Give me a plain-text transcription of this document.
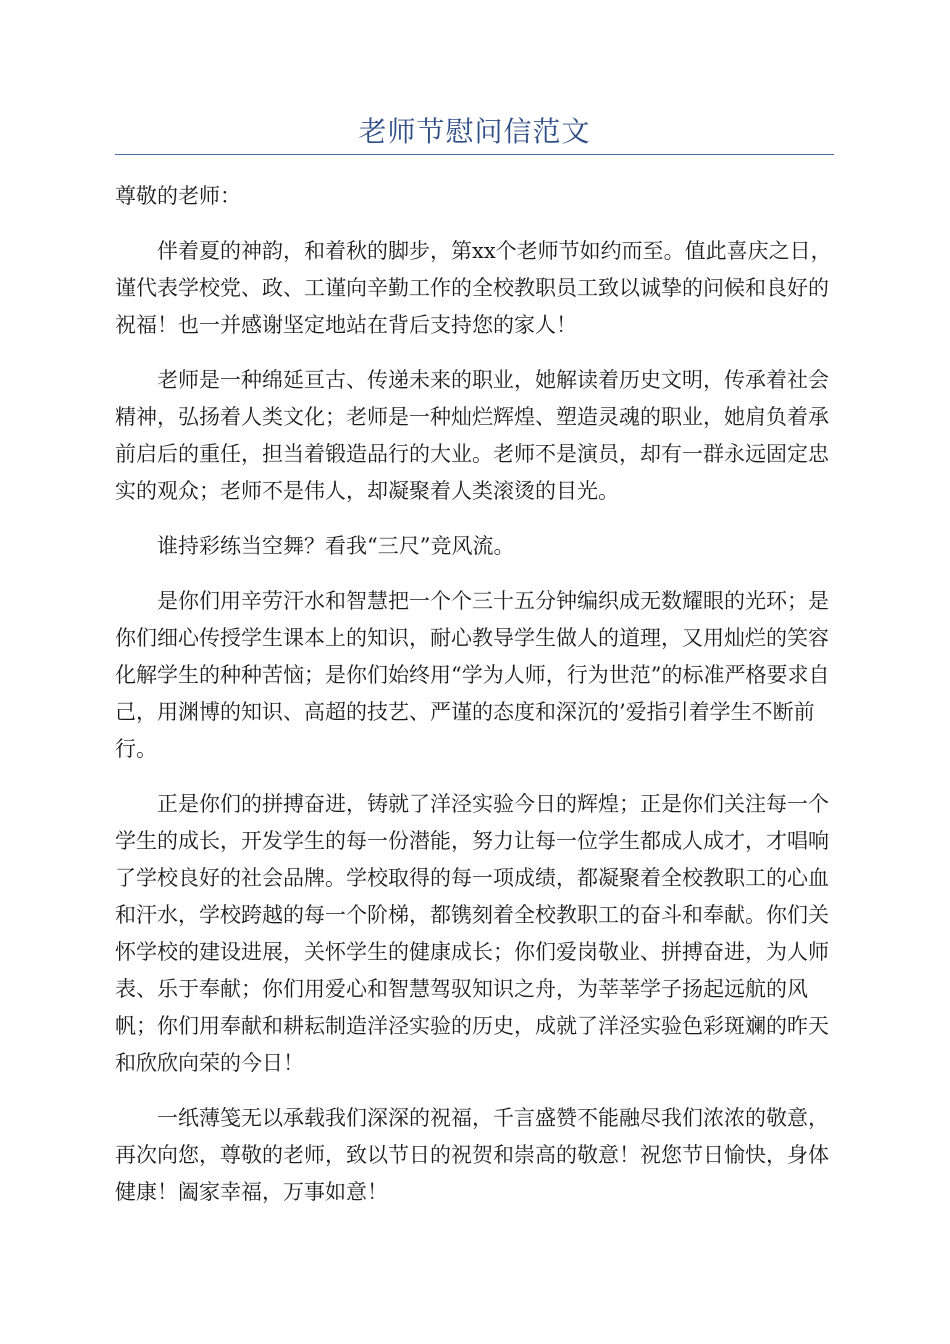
老师节慰问信范文

尊敬的老师：

伴着夏的神韵，和着秋的脚步，第xx个老师节如约而至。值此喜庆之日，谨代表学校党、政、工谨向辛勤工作的全校教职员工致以诚挚的问候和良好的祝福！也一并感谢坚定地站在背后支持您的家人！

老师是一种绵延亘古、传递未来的职业，她解读着历史文明，传承着社会精神，弘扬着人类文化；老师是一种灿烂辉煌、塑造灵魂的职业，她肩负着承前启后的重任，担当着锻造品行的大业。老师不是演员，却有一群永远固定忠实的观众；老师不是伟人，却凝聚着人类滚烫的目光。

谁持彩练当空舞？看我“三尺”竞风流。

是你们用辛劳汗水和智慧把一个个三十五分钟编织成无数耀眼的光环；是你们细心传授学生课本上的知识，耐心教导学生做人的道理，又用灿烂的笑容化解学生的种种苦恼；是你们始终用“学为人师，行为世范”的标准严格要求自己，用渊博的知识、高超的技艺、严谨的态度和深沉的’爱指引着学生不断前行。

正是你们的拼搏奋进，铸就了洋泾实验今日的辉煌；正是你们关注每一个学生的成长，开发学生的每一份潜能，努力让每一位学生都成人成才，才唱响了学校良好的社会品牌。学校取得的每一项成绩，都凝聚着全校教职工的心血和汗水，学校跨越的每一个阶梯，都镌刻着全校教职工的奋斗和奉献。你们关怀学校的建设进展，关怀学生的健康成长；你们爱岗敬业、拼搏奋进，为人师表、乐于奉献；你们用爱心和智慧驾驭知识之舟，为莘莘学子扬起远航的风帆；你们用奉献和耕耘制造洋泾实验的历史，成就了洋泾实验色彩斑斓的昨天和欣欣向荣的今日！

一纸薄笺无以承载我们深深的祝福，千言盛赞不能融尽我们浓浓的敬意，再次向您，尊敬的老师，致以节日的祝贺和崇高的敬意！祝您节日愉快，身体健康！阖家幸福，万事如意！
